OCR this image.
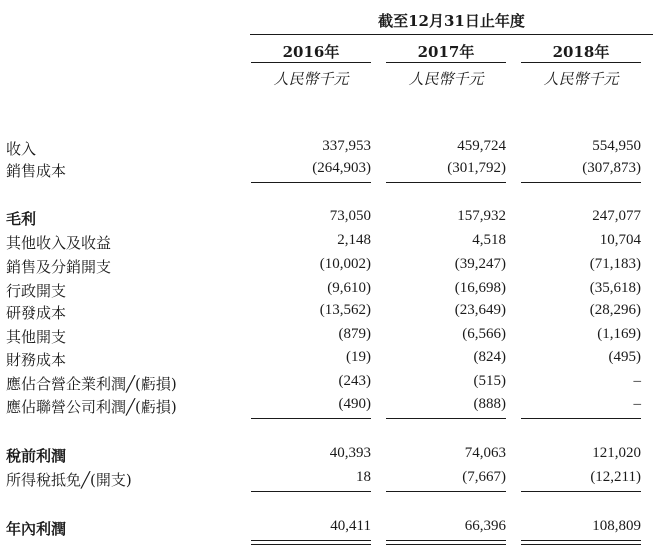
截至12月31日止年度
2016年	2017年	2018年
人民幣千元	人民幣千元	人民幣千元
收入	337,953	459,724	554,950
銷售成本	(264,903)	(301,792)	(307,873)
毛利	73,050	157,932	247,077
其他收入及收益	2,148	4,518	10,704
銷售及分銷開支	(10,002)	(39,247)	(71,183)
行政開支	(9,610)	(16,698)	(35,618)
研發成本	(13,562)	(23,649)	(28,296)
其他開支	(879)	(6,566)	(1,169)
財務成本	(19)	(824)	(495)
應佔合營企業利潤╱(虧損)	(243)	(515)	–
應佔聯營公司利潤╱(虧損)	(490)	(888)	–
稅前利潤	40,393	74,063	121,020
所得稅抵免╱(開支)	18	(7,667)	(12,211)
年內利潤	40,411	66,396	108,809
